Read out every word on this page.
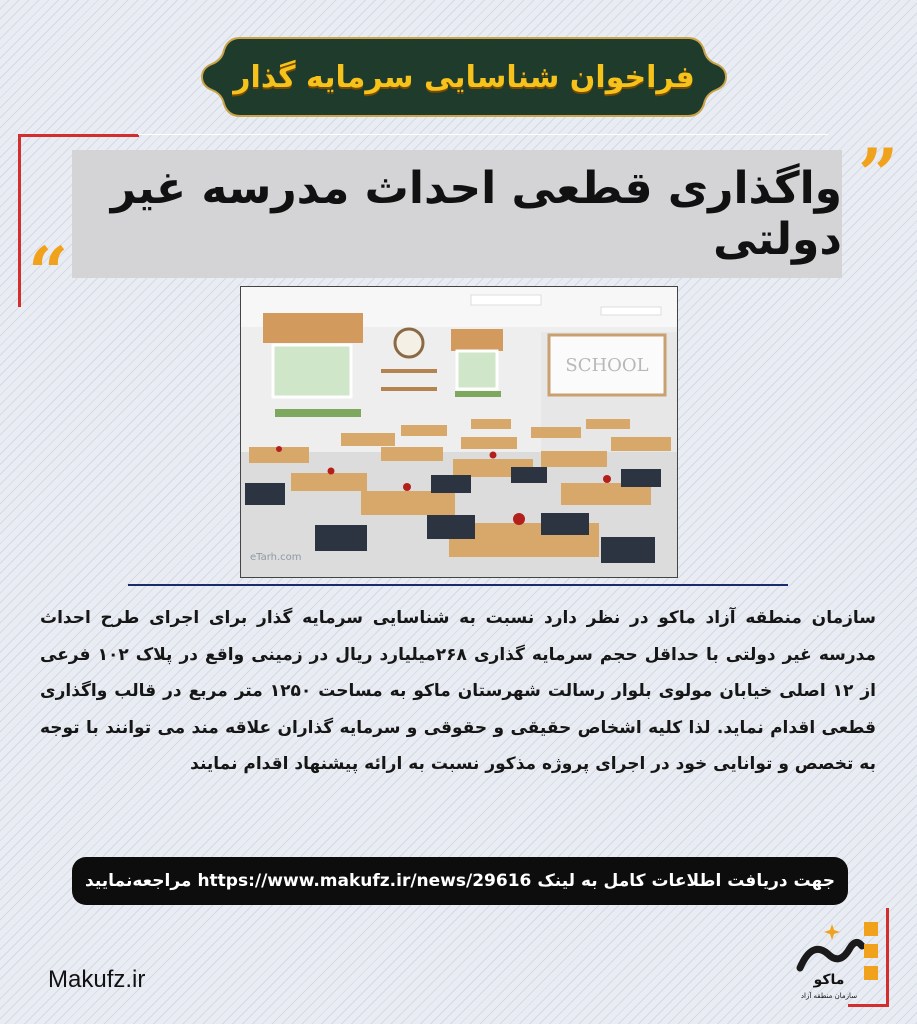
فراخوان شناسایی سرمایه گذار
واگذاری قطعی احداث مدرسه غیر دولتی
”
“
SCHOOL
eTarh.com
سازمان منطقه آزاد ماکو در نظر دارد نسبت به شناسایی سرمایه گذار برای اجرای طرح احداث مدرسه غیر دولتی با حداقل حجم سرمایه گذاری ۲۶۸میلیارد ریال در زمینی واقع در پلاک ۱۰۲ فرعی از ۱۲ اصلی خیابان مولوی بلوار رسالت شهرستان ماکو به مساحت ۱۲۵۰ متر مربع در قالب واگذاری قطعی اقدام نماید. لذا کلیه اشخاص حقیقی و حقوقی و سرمایه گذاران علاقه مند می توانند با توجه به تخصص و توانایی خود در اجرای پروژه مذکور نسبت به ارائه پیشنهاد اقدام نمایند
جهت دریافت اطلاعات کامل به لینک
https://www.makufz.ir/news/29616
مراجعه‌نمایید
Makufz.ir	ماکو
سازمان منطقه آزاد
